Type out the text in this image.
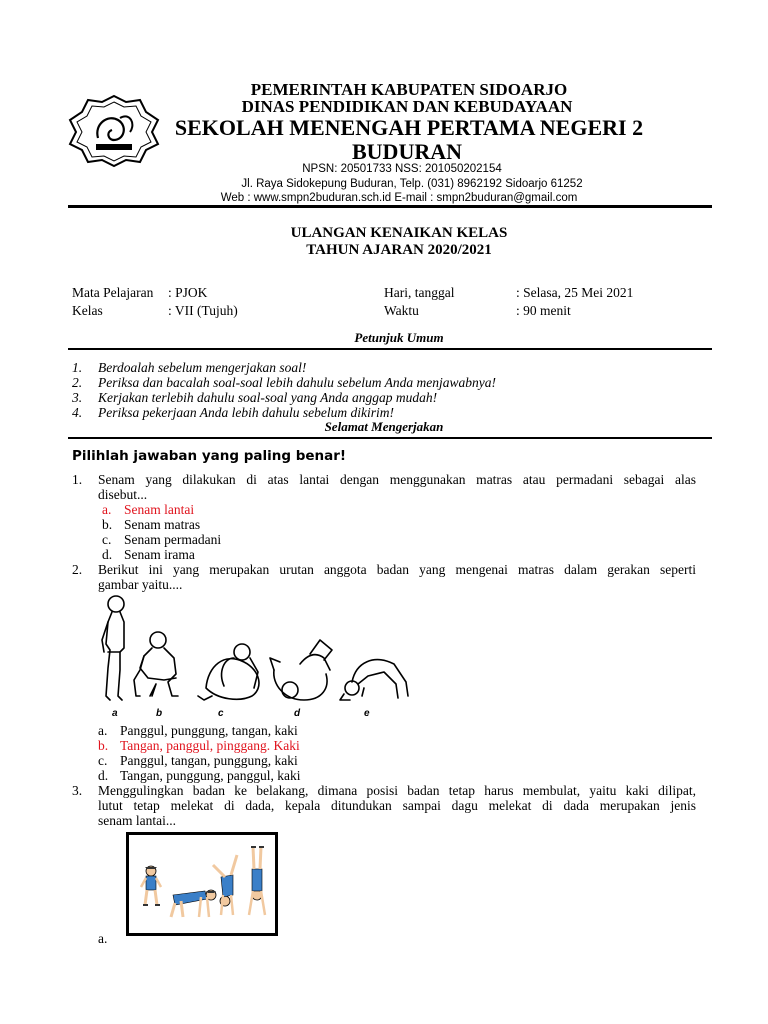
PEMERINTAH KABUPATEN SIDOARJO
DINAS PENDIDIKAN DAN KEBUDAYAAN
SEKOLAH MENENGAH PERTAMA NEGERI 2
BUDURAN
NPSN: 20501733 NSS: 201050202154
Jl. Raya Sidokepung Buduran, Telp. (031) 8962192 Sidoarjo 61252
Web : www.smpn2buduran.sch.id E-mail : smpn2buduran@gmail.com
ULANGAN KENAIKAN KELAS
TAHUN AJARAN 2020/2021
Mata Pelajaran : PJOK
Kelas	: VII (Tujuh)
Hari, tanggal	: Selasa, 25 Mei 2021
Waktu	: 90 menit
Petunjuk Umum
1. Berdoalah sebelum mengerjakan soal!
2. Periksa dan bacalah soal-soal lebih dahulu sebelum Anda menjawabnya!
3. Kerjakan terlebih dahulu soal-soal yang Anda anggap mudah!
4. Periksa pekerjaan Anda lebih dahulu sebelum dikirim!
Selamat Mengerjakan
Pilihlah jawaban yang paling benar!
1. Senam yang dilakukan di atas lantai dengan menggunakan matras atau permadani sebagai alas
disebut...
a. Senam lantai
b. Senam matras
c. Senam permadani
d. Senam irama
2. Berikut ini yang merupakan urutan anggota badan yang mengenai matras dalam gerakan seperti
gambar yaitu....
a	b	c	d	e
a. Panggul, punggung, tangan, kaki
b. Tangan, panggul, pinggang. Kaki
c. Panggul, tangan, punggung, kaki
d. Tangan, punggung, panggul, kaki
3. Menggulingkan badan ke belakang, dimana posisi badan tetap harus membulat, yaitu kaki dilipat,
lutut tetap melekat di dada, kepala ditundukan sampai dagu melekat di dada merupakan jenis
senam lantai...
a.
